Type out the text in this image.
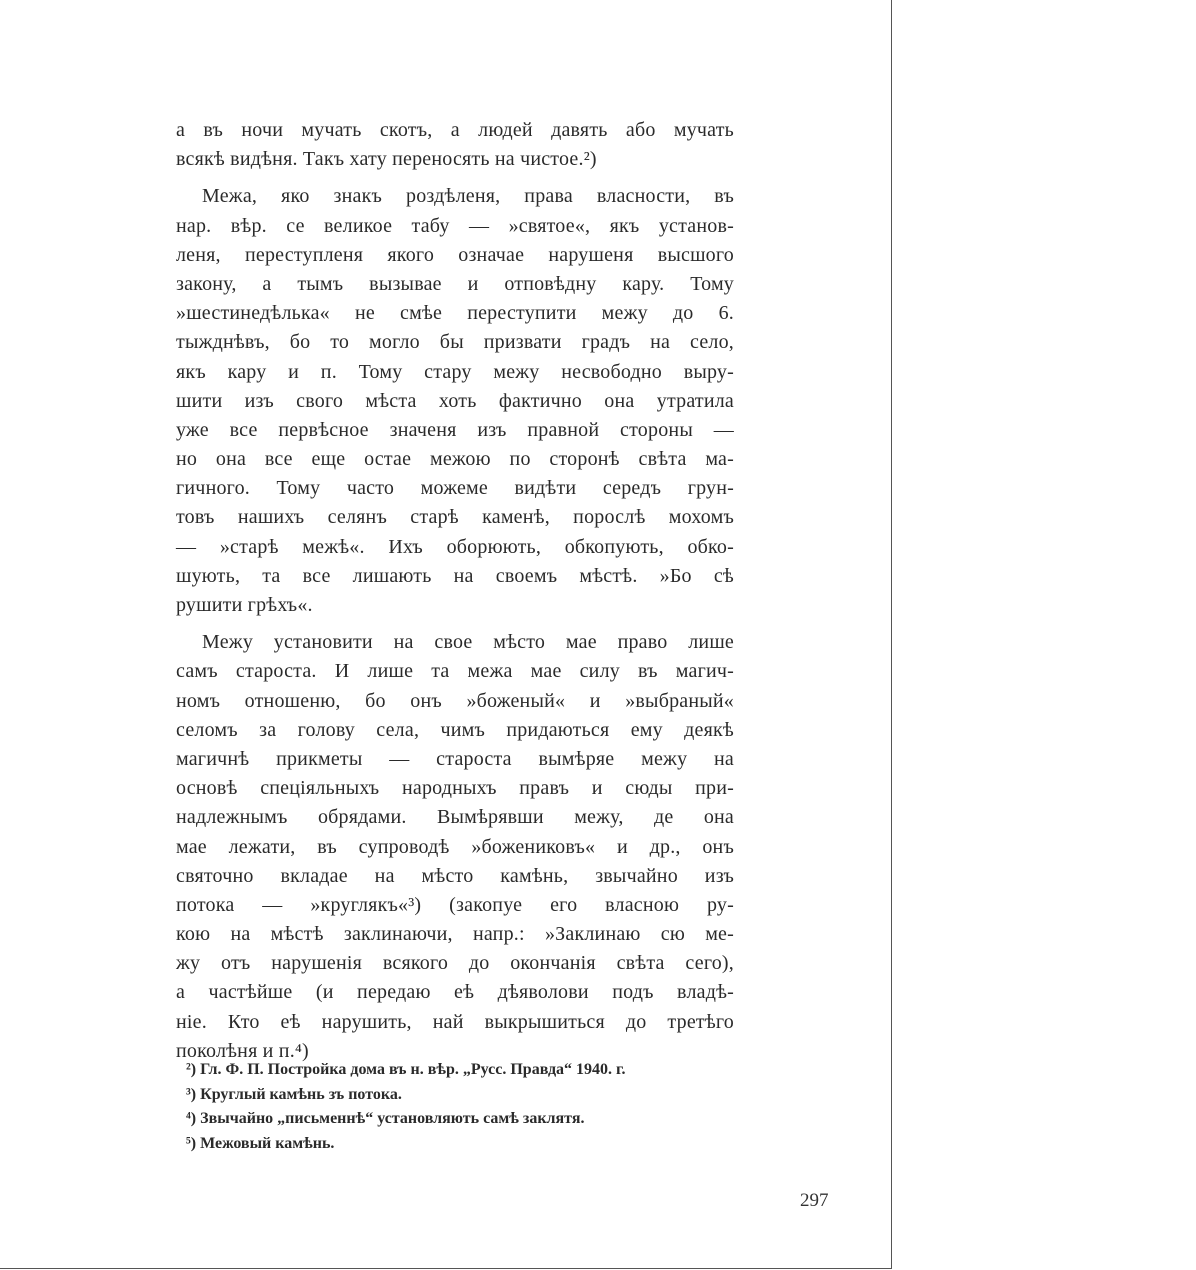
а въ ночи мучать скотъ, а людей давять або мучать
всякѣ видѣня. Такъ хату переносять на чистое.²)
Межа, яко знакъ роздѣленя, права власности, въ
нар. вѣр. се великое табу — »святое«, якъ установ-
леня, переступленя якого означае нарушеня высшого
закону, а тымъ вызывае и отповѣдну кару. Тому
»шестинедѣлька« не смѣе переступити межу до 6.
тыжднѣвъ, бо то могло бы призвати градъ на село,
якъ кару и п. Тому стару межу несвободно выру-
шити изъ свого мѣста хоть фактично она утратила
уже все первѣсное значеня изъ правной стороны —
но она все еще остае межою по сторонѣ свѣта ма-
гичного. Тому часто можеме видѣти середъ грун-
товъ нашихъ селянъ старѣ каменѣ, порослѣ мохомъ
— »старѣ межѣ«. Ихъ оборюють, обкопують, обко-
шують, та все лишають на своемъ мѣстѣ. »Бо сѣ
рушити грѣхъ«.
Межу установити на свое мѣсто мае право лише
самъ староста. И лише та межа мае силу въ магич-
номъ отношеню, бо онъ »боженый« и »выбраный«
селомъ за голову села, чимъ придаються ему деякѣ
магичнѣ прикметы — староста вымѣряе межу на
основѣ спеціяльныхъ народныхъ правъ и сюды при-
надлежнымъ обрядами. Вымѣрявши межу, де она
мае лежати, въ супроводѣ »божениковъ« и др., онъ
святочно вкладае на мѣсто камѣнь, звычайно изъ
потока — »круглякъ«³) (закопуе его власною ру-
кою на мѣстѣ заклинаючи, напр.: »Заклинаю сю ме-
жу отъ нарушенія всякого до окончанія свѣта сего),
а частѣйше (и передаю еѣ дѣяволови подъ владѣ-
ніе. Кто еѣ нарушить, най выкрышиться до третѣго
поколѣня и п.⁴)
²) Гл. Ф. П. Постройка дома въ н. вѣр. „Русс. Правда“ 1940. г.
³) Круглый камѣнь зъ потока.
⁴) Звычайно „письменнѣ“ установляють самѣ заклятя.
⁵) Межовый камѣнь.
297
